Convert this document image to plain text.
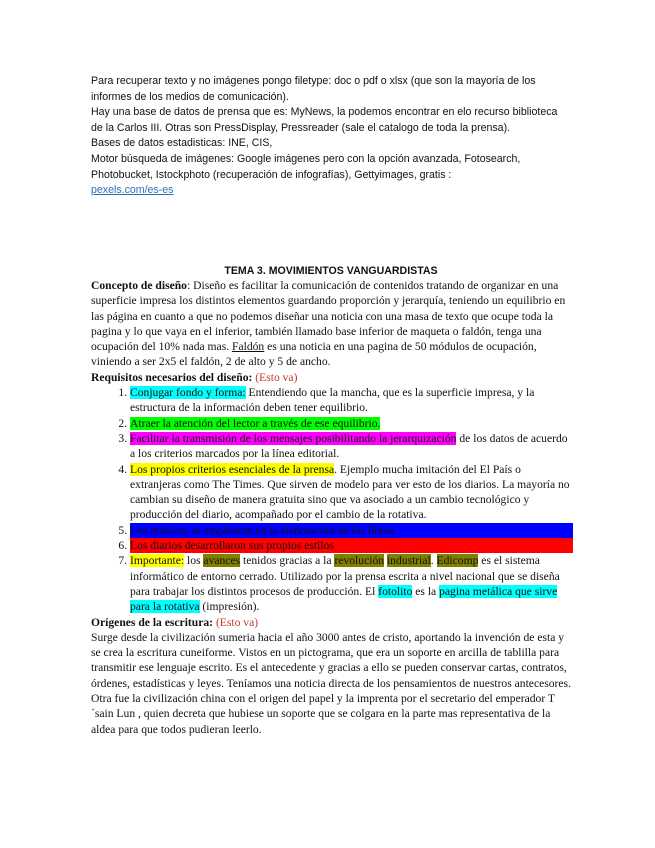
Para recuperar texto y no imágenes pongo filetype: doc o pdf o xlsx (que son la mayoría de los informes de los medios de comunicación).

Hay una base de datos de prensa que es: MyNews, la podemos encontrar en elo recurso biblioteca de la Carlos III. Otras son PressDisplay, Pressreader (sale el catalogo de toda la prensa).

Bases de datos estadisticas: INE, CIS,

Motor búsqueda de imágenes: Google imágenes pero con la opción avanzada, Fotosearch, Photobucket, Istockphoto (recuperación de infografías), Gettyimages, gratis :

pexels.com/es-es

TEMA 3. MOVIMIENTOS VANGUARDISTAS

Concepto de diseño: Diseño es facilitar la comunicación de contenidos tratando de organizar en una superficie impresa los distintos elementos guardando proporción y jerarquía, teniendo un equilibrio en las página en cuanto a que no podemos diseñar una noticia con una masa de texto que ocupe toda la pagina y lo que vaya en el inferior, también llamado base inferior de maqueta o faldón, tenga una ocupación del 10% nada mas. Faldón es una noticia en una pagina de 50 módulos de ocupación, viniendo a ser 2x5 el faldón, 2 de alto y 5 de ancho.

Requisitos necesarios del diseño: (Esto va)

1. Conjugar fondo y forma: Entendiendo que la mancha, que es la superficie impresa, y la estructura de la información deben tener equilibrio.
2. Atraer la atención del lector a través de ese equilibrio.
3. Facilitar la transmisión de los mensajes posibilitando la jerarquización de los datos de acuerdo a los criterios marcados por la línea editorial.
4. Los propios criterios esenciales de la prensa. Ejemplo mucha imitación del El País o extranjeras como The Times. Que sirven de modelo para ver esto de los diarios. La mayoría no cambian su diseño de manera gratuita sino que va asociado a un cambio tecnológico y producción del diario, acompañado por el cambio de la rotativa.
5. Los músicos se emplearon en la elaboración de los libros
6. Los diarios desarrollaron sus propios estilos
7. Importante: los avances tenidos gracias a la revolución industrial. Edicomp es el sistema informático de entorno cerrado. Utilizado por la prensa escrita a nivel nacional que se diseña para trabajar los distintos procesos de producción. El fotolito es la pagina metálica que sirve para la rotativa (impresión).

Orígenes de la escritura: (Esto va)

Surge desde la civilización sumeria hacia el año 3000 antes de cristo, aportando la invención de esta y se crea la escritura cuneiforme. Vistos en un pictograma, que era un soporte en arcilla de tablilla para transmitir ese lenguaje escrito. Es el antecedente y gracias a ello se pueden conservar cartas, contratos, órdenes, estadísticas y leyes. Teníamos una noticia directa de los pensamientos de nuestros antecesores.

Otra fue la civilización china con el origen del papel y la imprenta por el secretario del emperador T´sain Lun , quien decreta que hubiese un soporte que se colgara en la parte mas representativa de la aldea para que todos pudieran leerlo.
